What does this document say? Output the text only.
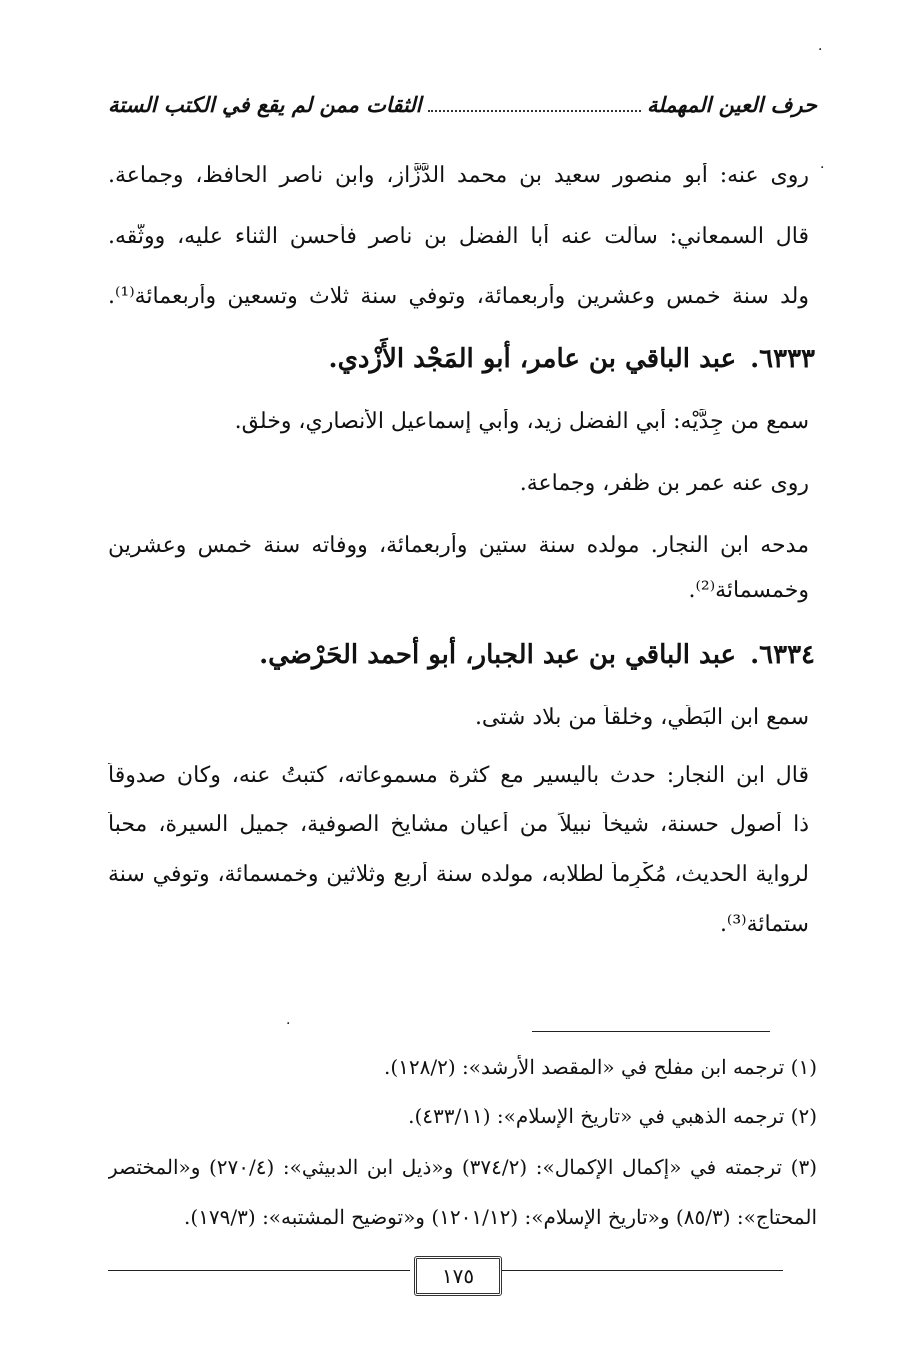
·
·
حرف العين المهملة
الثقات ممن لم يقع في الكتب الستة
روى عنه: أبو منصور سعيد بن محمد الدَّزَّاز، وابن ناصر الحافظ، وجماعة.
قال السمعاني: سألت عنه أبا الفضل بن ناصر فأحسن الثناء عليه، ووثَّقه.
ولد سنة خمس وعشرين وأربعمائة، وتوفي سنة ثلاث وتسعين وأربعمائة⁽¹⁾.
٦٣٣٣.عبد الباقي بن عامر، أبو المَجْد الأَزْدي.
سمع من جِدَّيْه: أبي الفضل زيد، وأبي إسماعيل الأنصاري، وخلق.
روى عنه عمر بن ظفر، وجماعة.
مدحه ابن النجار. مولده سنة ستين وأربعمائة، ووفاته سنة خمس وعشرين
وخمسمائة⁽²⁾.
٦٣٣٤.عبد الباقي بن عبد الجبار، أبو أحمد الحَرْضي.
سمع ابن البَطِّي، وخلقاً من بلاد شتى.
قال ابن النجار: حدث باليسير مع كثرة مسموعاته، كتبتُ عنه، وكان صدوقاً
ذا أصول حسنة، شيخاً نبيلاً من أعيان مشايخ الصوفية، جميل السيرة، محباً
لرواية الحديث، مُكْرِماً لطلابه، مولده سنة أربع وثلاثين وخمسمائة، وتوفي سنة
ستمائة⁽³⁾.
·
(١) ترجمه ابن مفلح في «المقصد الأرشد»: (١٢٨/٢).
(٢) ترجمه الذهبي في «تاريخ الإسلام»: (٤٣٣/١١).
(٣) ترجمته في «إكمال الإكمال»: (٣٧٤/٢) و«ذيل ابن الدبيثي»: (٢٧٠/٤) و«المختصر
المحتاج»: (٨٥/٣) و«تاريخ الإسلام»: (١٢٠١/١٢) و«توضيح المشتبه»: (١٧٩/٣).
١٧٥
